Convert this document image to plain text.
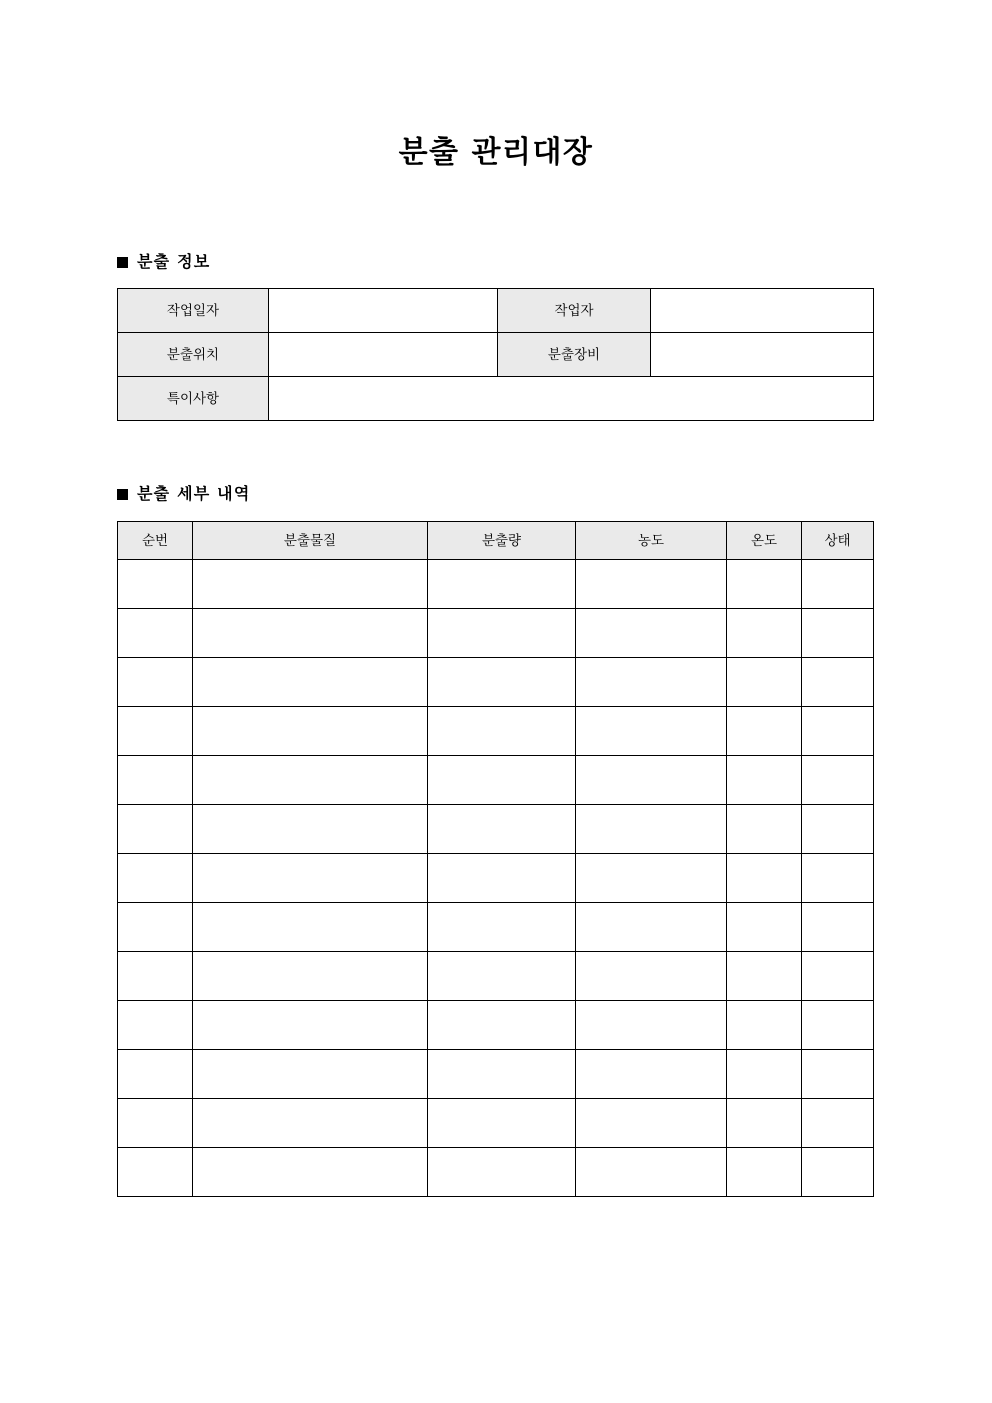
분출 관리대장
분출 정보
작업일자		작업자	
분출위치		분출장비	
특이사항			
분출 세부 내역
순번	분출물질	분출량	농도	온도	상태
